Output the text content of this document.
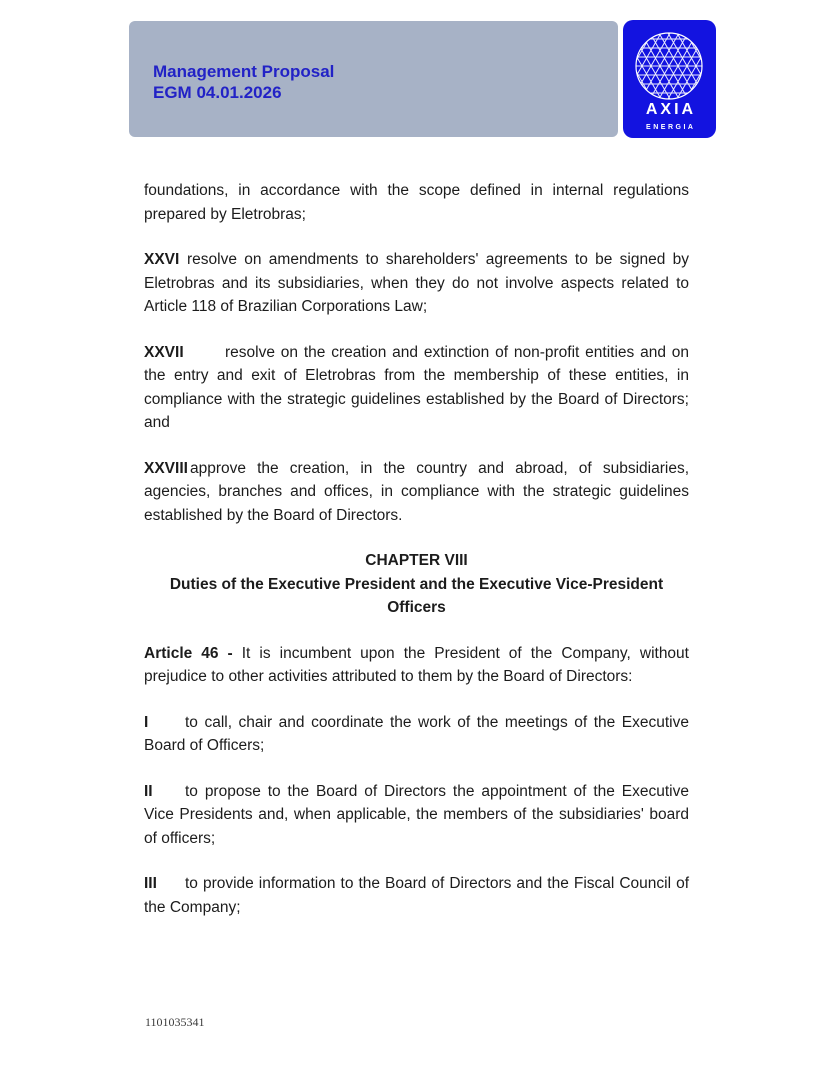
Management Proposal
EGM 04.01.2026
AXIA
ENERGIA

foundations, in accordance with the scope defined in internal regulations prepared by Eletrobras;

XXVI resolve on amendments to shareholders' agreements to be signed by Eletrobras and its subsidiaries, when they do not involve aspects related to Article 118 of Brazilian Corporations Law;

XXVII	resolve on the creation and extinction of non-profit entities and on the entry and exit of Eletrobras from the membership of these entities, in compliance with the strategic guidelines established by the Board of Directors; and

XXVIII approve the creation, in the country and abroad, of subsidiaries, agencies, branches and offices, in compliance with the strategic guidelines established by the Board of Directors.

CHAPTER VIII
Duties of the Executive President and the Executive Vice-President Officers

Article 46 - It is incumbent upon the President of the Company, without prejudice to other activities attributed to them by the Board of Directors:

I to call, chair and coordinate the work of the meetings of the Executive Board of Officers;

II to propose to the Board of Directors the appointment of the Executive Vice Presidents and, when applicable, the members of the subsidiaries' board of officers;

III to provide information to the Board of Directors and the Fiscal Council of the Company;

1101035341
